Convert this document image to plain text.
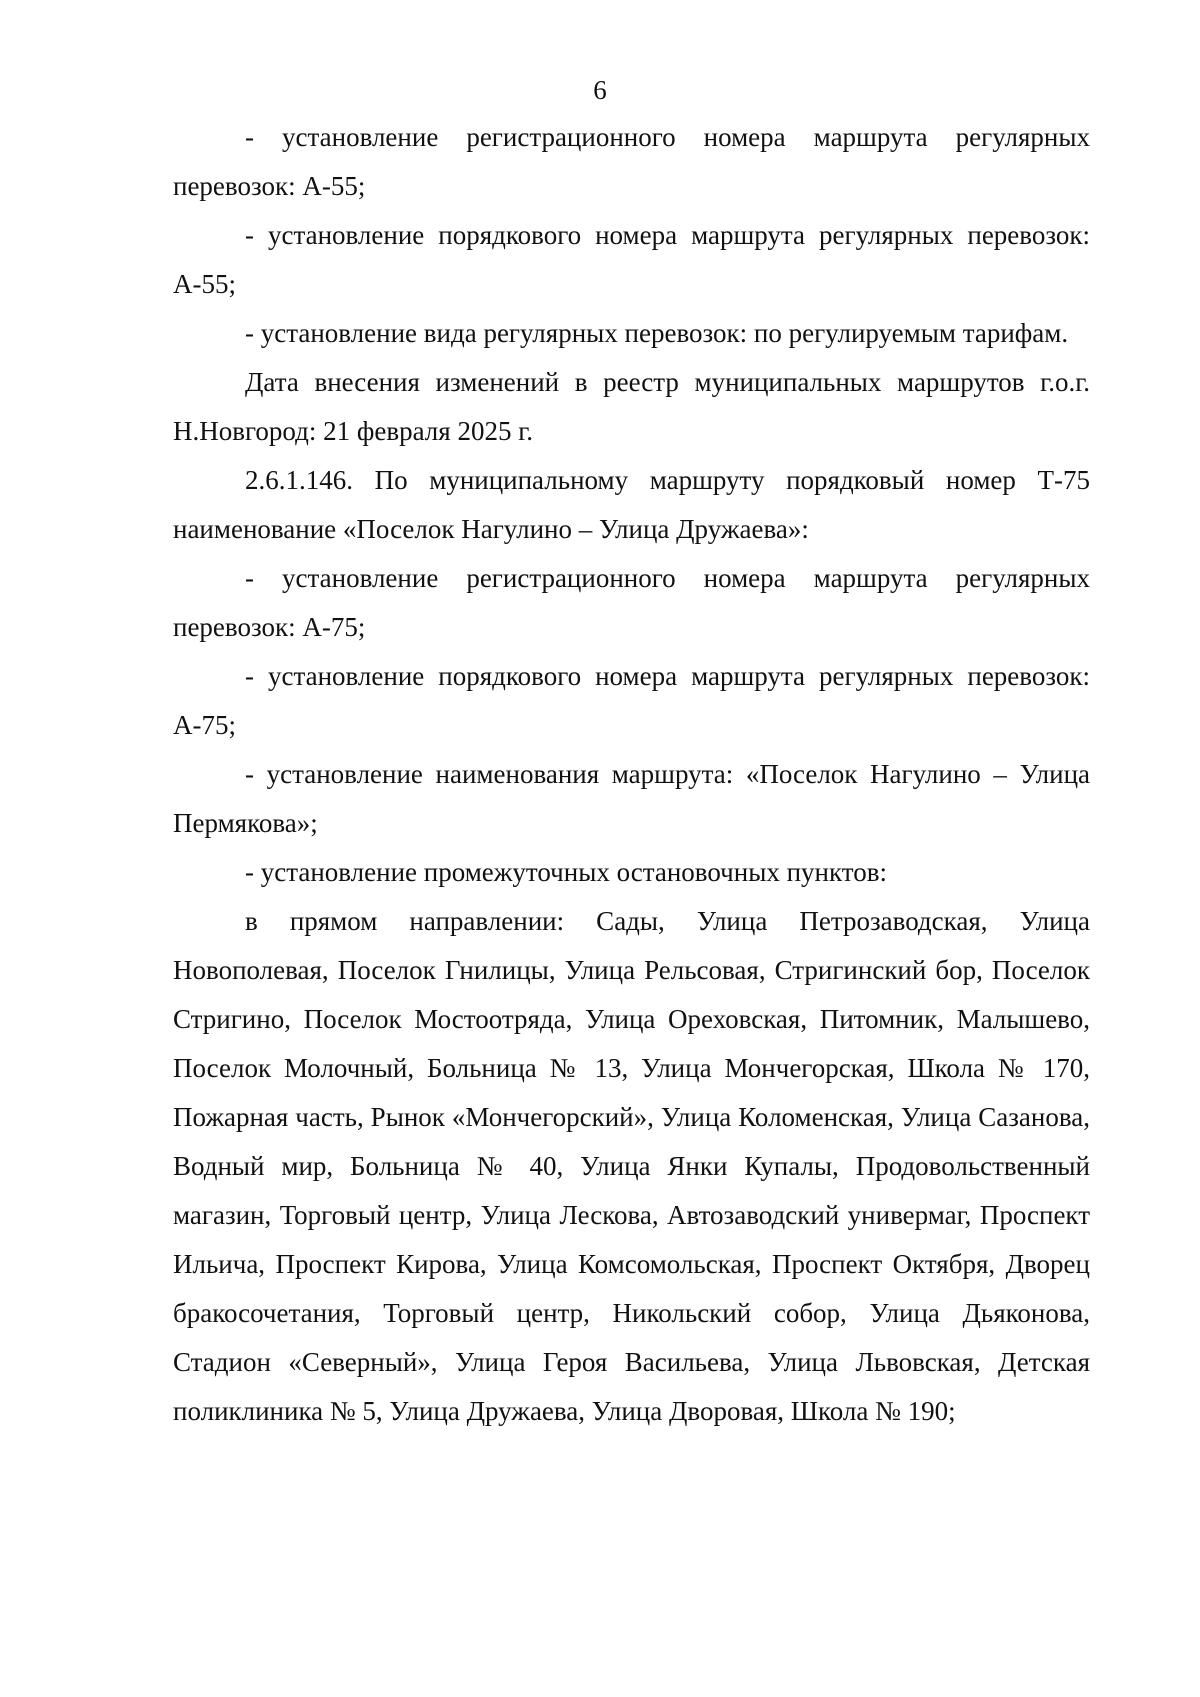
6

- установление регистрационного номера маршрута регулярных перевозок: А-55;

- установление порядкового номера маршрута регулярных перевозок: А-55;

- установление вида регулярных перевозок: по регулируемым тарифам.

Дата внесения изменений в реестр муниципальных маршрутов г.о.г. Н.Новгород: 21 февраля 2025 г.

2.6.1.146. По муниципальному маршруту порядковый номер Т-75 наименование «Поселок Нагулино – Улица Дружаева»:

- установление регистрационного номера маршрута регулярных перевозок: А-75;

- установление порядкового номера маршрута регулярных перевозок: А-75;

- установление наименования маршрута: «Поселок Нагулино – Улица Пермякова»;

- установление промежуточных остановочных пунктов:

в прямом направлении: Сады, Улица Петрозаводская, Улица Новополевая, Поселок Гнилицы, Улица Рельсовая, Стригинский бор, Поселок Стригино, Поселок Мостоотряда, Улица Ореховская, Питомник, Малышево, Поселок Молочный, Больница № 13, Улица Мончегорская, Школа № 170, Пожарная часть, Рынок «Мончегорский», Улица Коломенская, Улица Сазанова, Водный мир, Больница № 40, Улица Янки Купалы, Продовольственный магазин, Торговый центр, Улица Лескова, Автозаводский универмаг, Проспект Ильича, Проспект Кирова, Улица Комсомольская, Проспект Октября, Дворец бракосочетания, Торговый центр, Никольский собор, Улица Дьяконова, Стадион «Северный», Улица Героя Васильева, Улица Львовская, Детская поликлиника № 5, Улица Дружаева, Улица Дворовая, Школа № 190;
